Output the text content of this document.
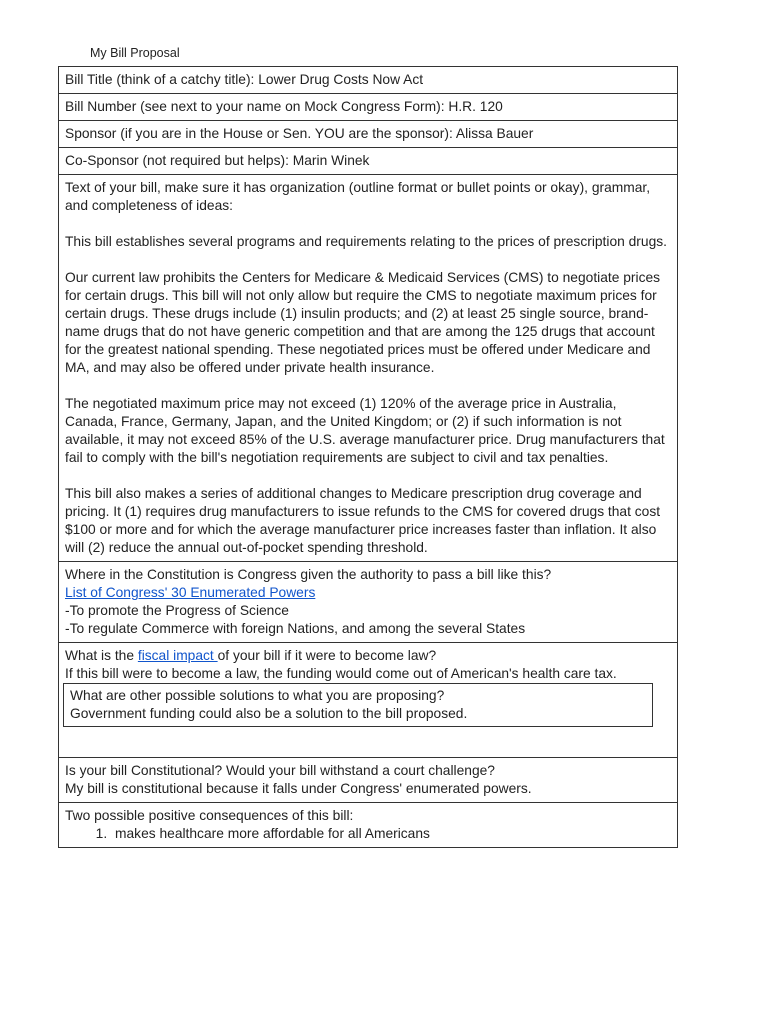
My Bill Proposal
Bill Title (think of a catchy title): Lower Drug Costs Now Act
Bill Number (see next to your name on Mock Congress Form): H.R. 120
Sponsor (if you are in the House or Sen. YOU are the sponsor): Alissa Bauer
Co-Sponsor (not required but helps): Marin Winek

Text of your bill, make sure it has organization (outline format or bullet points or okay), grammar, and completeness of ideas:

This bill establishes several programs and requirements relating to the prices of prescription drugs.

Our current law prohibits the Centers for Medicare & Medicaid Services (CMS) to negotiate prices for certain drugs. This bill will not only allow but require the CMS to negotiate maximum prices for certain drugs. These drugs include (1) insulin products; and (2) at least 25 single source, brand-name drugs that do not have generic competition and that are among the 125 drugs that account for the greatest national spending. These negotiated prices must be offered under Medicare and MA, and may also be offered under private health insurance.

The negotiated maximum price may not exceed (1) 120% of the average price in Australia, Canada, France, Germany, Japan, and the United Kingdom; or (2) if such information is not available, it may not exceed 85% of the U.S. average manufacturer price. Drug manufacturers that fail to comply with the bill's negotiation requirements are subject to civil and tax penalties.

This bill also makes a series of additional changes to Medicare prescription drug coverage and pricing. It (1) requires drug manufacturers to issue refunds to the CMS for covered drugs that cost $100 or more and for which the average manufacturer price increases faster than inflation. It also will (2) reduce the annual out-of-pocket spending threshold.

Where in the Constitution is Congress given the authority to pass a bill like this?
List of Congress' 30 Enumerated Powers
-To promote the Progress of Science
-To regulate Commerce with foreign Nations, and among the several States
What is the fiscal impact of your bill if it were to become law?
If this bill were to become a law, the funding would come out of American's health care tax.
What are other possible solutions to what you are proposing?
Government funding could also be a solution to the bill proposed.
Is your bill Constitutional? Would your bill withstand a court challenge?
My bill is constitutional because it falls under Congress' enumerated powers.
Two possible positive consequences of this bill:
1. makes healthcare more affordable for all Americans
